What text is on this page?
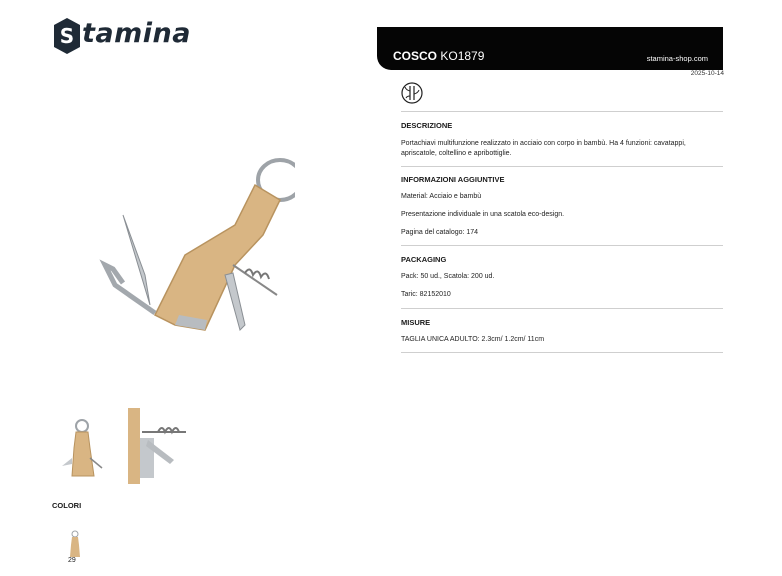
S tamina
COLORI
29
COSCO KO1879	stamina-shop.com
2025-10-14

DESCRIZIONE

Portachiavi multifunzione realizzato in acciaio con corpo in bambù. Ha 4 funzioni: cavatappi, apriscatole, coltellino e apribottiglie.

INFORMAZIONI AGGIUNTIVE

Material: Acciaio e bambù

Presentazione individuale in una scatola eco-design.

Pagina del catalogo: 174

PACKAGING

Pack: 50 ud., Scatola: 200 ud.

Taric: 82152010

MISURE

TAGLIA UNICA ADULTO: 2.3cm/ 1.2cm/ 11cm
